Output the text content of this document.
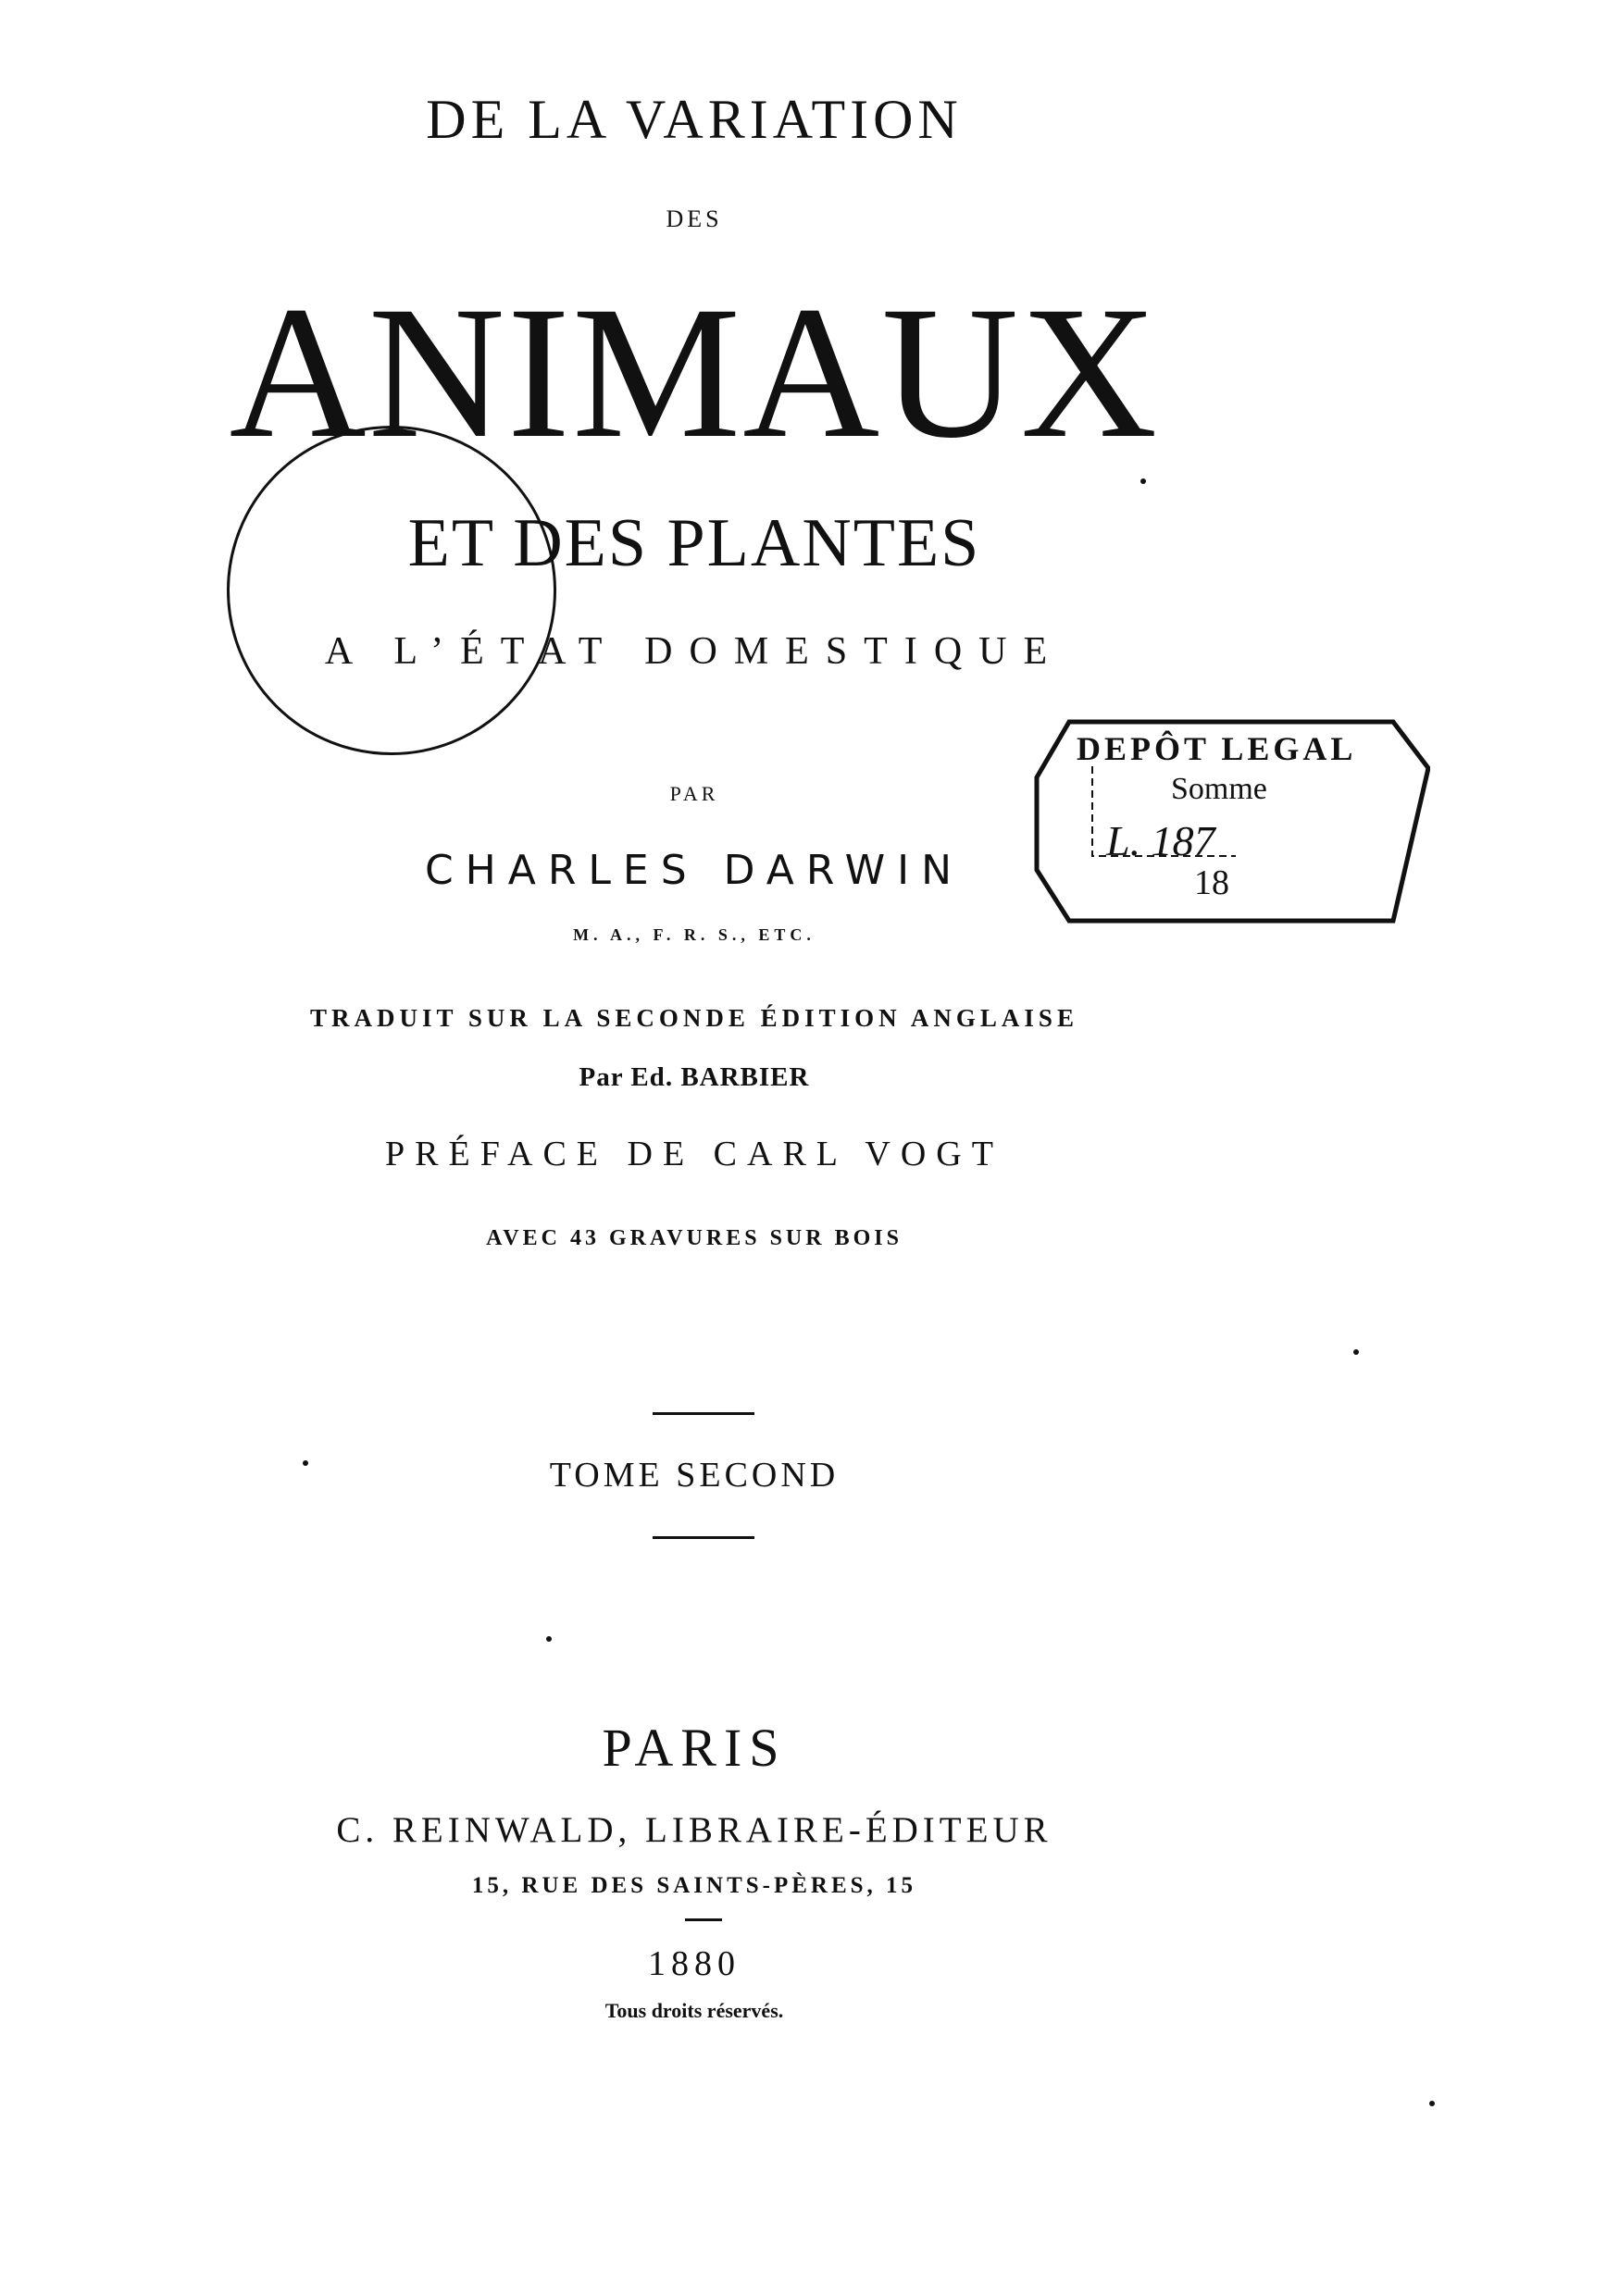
DE LA VARIATION
DES
ANIMAUX
ET DES PLANTES
A L’ÉTAT DOMESTIQUE
PAR
CHARLES DARWIN
M. A., F. R. S., ETC.
TRADUIT SUR LA SECONDE ÉDITION ANGLAISE
Par Ed. BARBIER
PRÉFACE DE CARL VOGT
AVEC 43 GRAVURES SUR BOIS
TOME SECOND
PARIS
C. REINWALD, LIBRAIRE-ÉDITEUR
15, RUE DES SAINTS-PÈRES, 15
1880
Tous droits réservés.
DEPÔT LEGAL
Somme
L. 187
18
